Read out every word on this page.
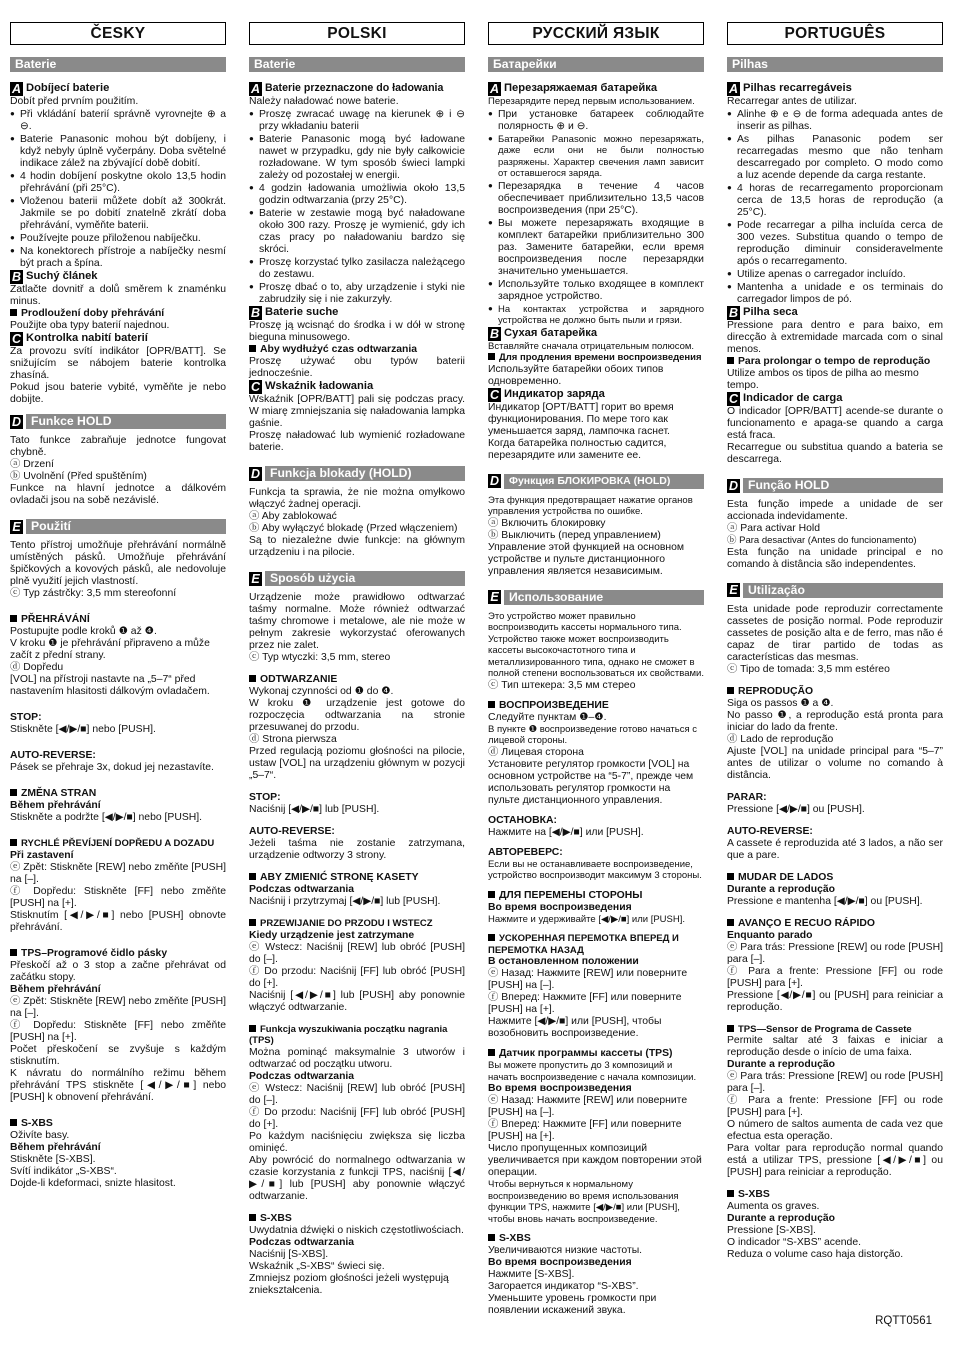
ČESKY
Baterie
A Dobíjecí baterie

Dobít před prvním použitím.

● Při vkládání baterií správně vyrovnejte ⊕ a ⊖.

● Baterie Panasonic mohou být dobíjeny, i když nebyly úplně vyčerpány. Doba světelné indikace zálež na zbývající době dobití.

● 4 hodin dobíjení poskytne okolo 13,5 hodin přehrávání (při 25°C).

● Vloženou baterii můžete dobít až 300krát. Jakmile se po dobití znatelně zkrátí doba přehrávání, vyměňte baterii.

● Používejte pouze přiloženou nabíječku.

● Na konektorech přístroje a nabíječky nesmí být prach a špína.

B Suchý článek

Zatlačte dovnitř a dolů směrem k znaménku minus.

Prodloužení doby přehrávání

Použijte oba typy baterií najednou.

C Kontrolka nabití baterií

Za provozu svítí indikátor [OPR/BATT]. Se snižujícím se nábojem baterie kontrolka zhasíná.

Pokud jsou baterie vybité, vyměňte je nebo dobijte.

D Funkce HOLD

Tato funkce zabraňuje jednotce fungovat chybně.

ⓐ Drzení

ⓑ Uvolnění (Před spuštěním)

Funkce na hlavní jednotce a dálkovém ovladači jsou na sobě nezávislé.

E Použití

Tento přístroj umožňuje přehrávání normálně umístěných pásků. Umožňuje přehrávání špičkových a kovových pásků, ale nedovoluje plně využití jejich vlastností.

ⓒ Typ zástrčky: 3,5 mm stereofonní

PŘEHRÁVÁNÍ

Postupujte podle kroků ❶ až ❹.

V kroku ❶ je přehrávání připraveno a může začít z přední strany.

ⓓ Dopředu

[VOL] na přístroji nastavte na „5–7“ před nastavením hlasitosti dálkovým ovladačem.

STOP:

Stiskněte [◀/▶/■] nebo [PUSH].

AUTO-REVERSE:

Pásek se přehraje 3x, dokud jej nezastavíte.

ZMĚNA STRAN

Během přehrávání

Stiskněte a podržte [◀/▶/■] nebo [PUSH].

RYCHLÉ PŘEVÍJENÍ DOPŘEDU A DOZADU

Při zastavení

ⓔ Zpět: Stiskněte [REW] nebo změňte [PUSH] na [–].

ⓕ Dopředu: Stiskněte [FF] nebo změňte [PUSH] na [+].

Stisknutím [◀/▶/■] nebo [PUSH] obnovte přehrávání.

TPS–Programové čidlo pásky

Přeskočí až o 3 stop a začne přehrávat od začátku stopy.

Během přehrávání

ⓔ Zpět: Stiskněte [REW] nebo změňte [PUSH] na [–].

ⓕ Dopředu: Stiskněte [FF] nebo změňte [PUSH] na [+].

Počet přeskočení se zvyšuje s každým stisknutím.

K návratu do normálního režimu během přehrávání TPS stiskněte [◀/▶/■] nebo [PUSH] k obnovení přehrávání.

S-XBS

Oživíte basy.

Během přehrávání

Stiskněte [S-XBS].

Svítí indikátor „S-XBS“.

Dojde-li kdeformaci, snizte hlasitost.

POLSKI
Baterie
A Baterie przeznaczone do ładowania

Należy naładować nowe baterie.

● Proszę zwracać uwagę na kierunek ⊕ i ⊖ przy wkładaniu baterii

● Baterie Panasonic mogą być ładowane nawet w przypadku, gdy nie były całkowicie rozładowane. W tym sposób świeci lampki zależy od pozostałej w energii.

● 4 godzin ładowania umożliwia około 13,5 godzin odtwarzania (przy 25°C).

● Baterie w zestawie mogą być naładowane około 300 razy. Proszę je wymienić, gdy ich czas pracy po naładowaniu bardzo się skróci.

● Proszę korzystać tylko zasilacza należącego do zestawu.

● Proszę dbać o to, aby urządzenie i styki nie zabrudziły się i nie zakurzyły.

B Baterie suche

Proszę ją wcisnąć do środka i w dół w stronę bieguna minusowego.

Aby wydłużyć czas odtwarzania

Proszę używać obu typów baterii jednocześnie.

C Wskaźnik ładowania

Wskaźnik [OPR/BATT] pali się podczas pracy. W miarę zmniejszania się naładowania lampka gaśnie.

Proszę naładować lub wymienić rozładowane baterie.

D Funkcja blokady (HOLD)

Funkcja ta sprawia, że nie można omyłkowo włączyć żadnej operacji.

ⓐ Aby zablokować

ⓑ Aby wyłączyć blokadę (Przed włączeniem)

Są to niezależne dwie funkcje: na głównym urządzeniu i na pilocie.

E Sposób użycia

Urządzenie może prawidłowo odtwarzać taśmy normalne. Może również odtwarzać taśmy chromowe i metalowe, ale nie może w pełnym zakresie wykorzystać oferowanych przez nie zalet.

ⓒ Typ wtyczki: 3,5 mm, stereo

ODTWARZANIE

Wykonaj czynności od ❶ do ❹.

W kroku ❶ urządzenie jest gotowe do rozpoczęcia odtwarzania na stronie przesuwanej do przodu.

ⓓ Strona pierwsza

Przed regulacją poziomu głośności na pilocie, ustaw [VOL] na urządzeniu głównym w pozycji „5–7“.

STOP:

Naciśnij [◀/▶/■] lub [PUSH].

AUTO-REVERSE:

Jeżeli taśma nie zostanie zatrzymana, urządzenie odtworzy 3 strony.

ABY ZMIENIĆ STRONĘ KASETY

Podczas odtwarzania

Naciśnij i przytrzymaj [◀/▶/■] lub [PUSH].

PRZEWIJANIE DO PRZODU I WSTECZ

Kiedy urządzenie jest zatrzymane

ⓔ Wstecz: Naciśnij [REW] lub obróć [PUSH] do [–].

ⓕ Do przodu: Naciśnij [FF] lub obróć [PUSH] do [+].

Naciśnij [◀/▶/■] lub [PUSH] aby ponownie włączyć odtwarzanie.

Funkcja wyszukiwania początku nagrania (TPS)

Można pominąć maksymalnie 3 utworów i odtwarzać od początku utworu.

Podczas odtwarzania

ⓔ Wstecz: Naciśnij [REW] lub obróć [PUSH] do [–].

ⓕ Do przodu: Naciśnij [FF] lub obróć [PUSH] do [+].

Po każdym naciśnięciu zwiększa się liczba ominięć.

Aby powrócić do normalnego odtwarzania w czasie korzystania z funkcji TPS, naciśnij [◀/▶/■] lub [PUSH] aby ponownie włączyć odtwarzanie.

S-XBS

Uwydatnia dźwięki o niskich częstotliwościach.

Podczas odtwarzania

Naciśnij [S-XBS].

Wskaźnik „S-XBS“ świeci się.

Zmniejsz poziom głośności jeżeli występują zniekształcenia.

РУССКИЙ ЯЗЫК
Батарейки
A Перезаряжаемая батарейка

Перезарядите перед первым использованием.

● При установке батареек соблюдайте полярность ⊕ и ⊖.

● Батарейки Panasonic можно перезаряжать, даже если они не были полностью разряжены. Характер свечения ламп зависит от оставшегося заряда.

● Перезарядка в течение 4 часов обеспечивает приблизительно 13,5 часов воспроизведения (при 25°C).

● Вы можете перезаряжать входящие в комплект батарейки приблизительно 300 раз. Замените батарейки, если время воспроизведения после перезарядки значительно уменьшается.

● Используйте только входящее в комплект зарядное устройство.

● На контактах устройства и зарядного устройства не должно быть пыли и грязи.

B Сухая батарейка

Вставляйте сначала отрицательным полюсом.

Для продления времени воспроизведения

Используйте батарейки обоих типов одновременно.

C Индикатор заряда

Индикатор [OPT/BATT] горит во время функционирования. По мере того как уменьшается заряд, лампочка гаснет.

Когда батарейка полностью садится, перезарядите или замените ее.

D Функция БЛОКИРОВКА (HOLD)

Эта функция предотвращает нажатие органов управления устройства по ошибке.

ⓐ Включить блокировку

ⓑ Выключить (перед управлением)

Управление этой функцией на основном устройстве и пульте дистанционного управления является независимым.

E Использование

Это устройство может правильно воспроизводить кассеты нормального типа. Устройство также может воспроизводить кассеты высокочастотного типа и металлизированного типа, однако не сможет в полной степени воспользоваться их свойствами.

ⓒ Тип штекера: 3,5 мм стерео

ВОСПРОИЗВЕДЕНИЕ

Следуйте пунктам ❶–❹.

В пункте ❶ воспроизведение готово начаться с лицевой стороны.

ⓓ Лицевая сторона

Установите регулятор громкости [VOL] на основном устройстве на “5-7”, прежде чем использовать регулятор громкости на пульте дистанционного управления.

ОСТАНОВКА:

Нажмите на [◀/▶/■] или [PUSH].

АВТОРЕВЕРС:

Если вы не останавливаете воспроизведение, устройство воспроизводит максимум 3 стороны.

ДЛЯ ПЕРЕМЕНЫ СТОРОНЫ

Во время воспроизведения

Нажмите и удерживайте [◀/▶/■] или [PUSH].

УСКОРЕННАЯ ПЕРЕМОТКА ВПЕРЕД И ПЕРЕМОТКА НАЗАД

В остановленном положении

ⓔ Назад: Нажмите [REW] или поверните [PUSH] на [–].

ⓕ Вперед: Нажмите [FF] или поверните [PUSH] на [+].

Нажмите [◀/▶/■] или [PUSH], чтобы возобновить воспроизведение.

Датчик программы кассеты (TPS)

Вы можете пропустить до 3 композиций и начать воспроизведение с начала композиции.

Во время воспроизведения

ⓔ Назад: Нажмите [REW] или поверните [PUSH] на [–].

ⓕ Вперед: Нажмите [FF] или поверните [PUSH] на [+].

Число пропущенных композиций увеличивается при каждом повторении этой операции.

Чтобы вернуться к нормальному воспроизведению во время использования функции TPS, нажмите [◀/▶/■] или [PUSH], чтобы вновь начать воспроизведение.

S-XBS

Увеличиваются низкие частоты.

Во время воспроизведения

Нажмите [S-XBS].

Загорается индикатор “S-XBS”.

Уменьшите уровень громкости при появлении искажений звука.

PORTUGUÊS
Pilhas
A Pilhas recarregáveis

Recarregar antes de utilizar.

● Alinhe ⊕ e ⊖ de forma adequada antes de inserir as pilhas.

● As pilhas Panasonic podem ser recarregadas mesmo que não tenham descarregado por completo. O modo como a luz acende depende da carga restante.

● 4 horas de recarregamento proporcionam cerca de 13,5 horas de reprodução (a 25°C).

● Pode recarregar a pilha incluída cerca de 300 vezes. Substitua quando o tempo de reprodução diminuir consideravelmente após o recarregamento.

● Utilize apenas o carregador incluído.

● Mantenha a unidade e os terminais do carregador limpos de pó.

B Pilha seca

Pressione para dentro e para baixo, em direcção à extremidade marcada com o sinal menos.

Para prolongar o tempo de reprodução

Utilize ambos os tipos de pilha ao mesmo tempo.

C Indicador de carga

O indicador [OPR/BATT] acende-se durante o funcionamento e apaga-se quando a carga está fraca.

Recarregue ou substitua quando a bateria se descarrega.

D Função HOLD

Esta função impede a unidade de ser accionada indevidamente.

ⓐ Para activar Hold

ⓑ Para desactivar (Antes do funcionamento)

Esta função na unidade principal e no comando à distância são independentes.

E Utilização

Esta unidade pode reproduzir correctamente cassetes de posição normal. Pode reproduzir cassetes de posição alta e de ferro, mas não é capaz de tirar partido de todas as características das mesmas.

ⓒ Tipo de tomada: 3,5 mm estéreo

REPRODUÇÃO

Siga os passos ❶ a ❹.

No passo ❶, a reprodução está pronta para iniciar do lado da frente.

ⓓ Lado de reprodução

Ajuste [VOL] na unidade principal para “5–7” antes de utilizar o volume no comando à distância.

PARAR:

Pressione [◀/▶/■] ou [PUSH].

AUTO-REVERSE:

A cassete é reproduzida até 3 lados, a não ser que a pare.

MUDAR DE LADOS

Durante a reprodução

Pressione e mantenha [◀/▶/■] ou [PUSH].

AVANÇO E RECUO RÁPIDO

Enquanto parado

ⓔ Para trás: Pressione [REW] ou rode [PUSH] para [–].

ⓕ Para a frente: Pressione [FF] ou rode [PUSH] para [+].

Pressione [◀/▶/■] ou [PUSH] para reiniciar a reprodução.

TPS—Sensor de Programa de Cassete

Permite saltar até 3 faixas e iniciar a reprodução desde o início de uma faixa.

Durante a reprodução

ⓔ Para trás: Pressione [REW] ou rode [PUSH] para [–].

ⓕ Para a frente: Pressione [FF] ou rode [PUSH] para [+].

O número de saltos aumenta de cada vez que efectua esta operação.

Para voltar para reprodução normal quando está a utilizar TPS, pressione [◀/▶/■] ou [PUSH] para reiniciar a reprodução.

S-XBS

Aumenta os graves.

Durante a reprodução

Pressione [S-XBS].

O indicador “S-XBS” acende.

Reduza o volume caso haja distorção.

RQTT0561
